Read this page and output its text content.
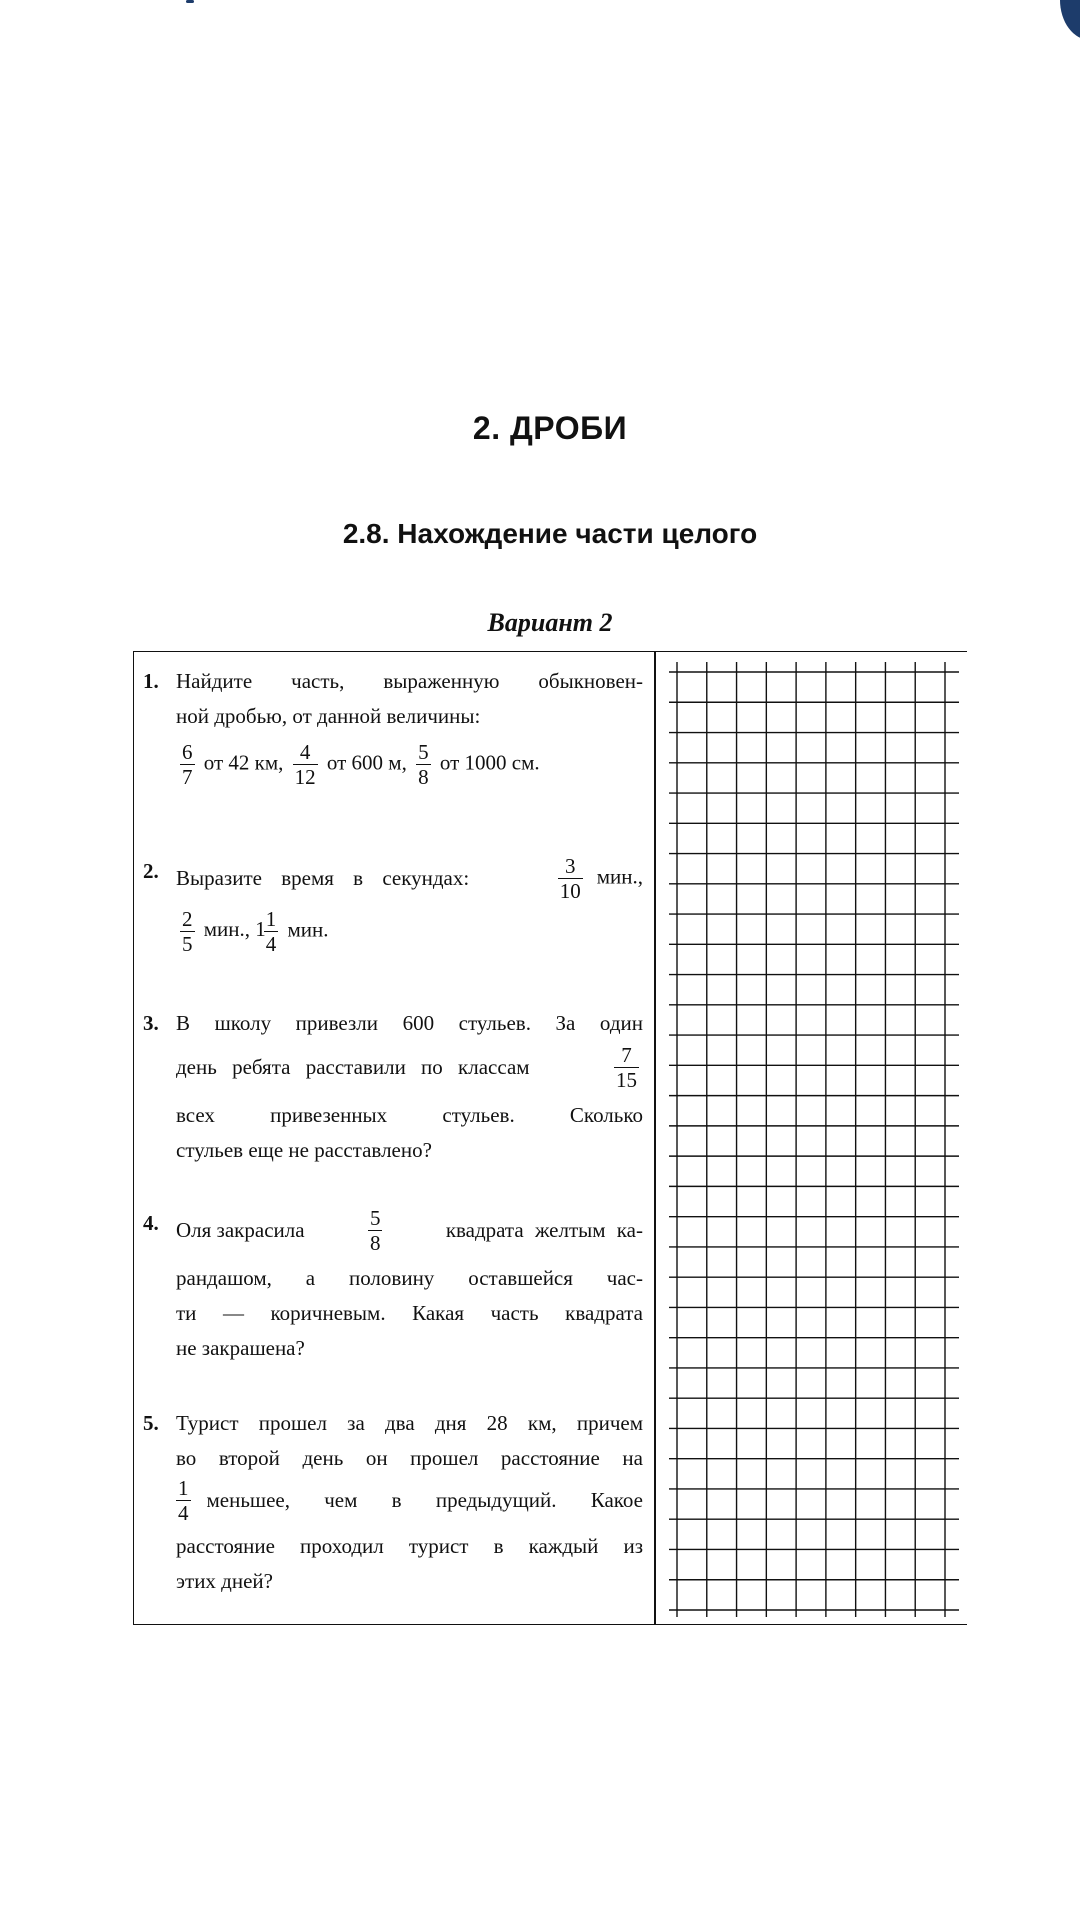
2. ДРОБИ
2.8. Нахождение части целого
Вариант 2
1. Найдите часть, выраженную обыкновен-

ной дробью, от данной величины:

$\frac{6}{7}$ от 42 км, $\frac{4}{12}$ от 600 м, $\frac{5}{8}$ от 1000 см.

2. Выразите время в секундах:	$\frac{3}{10}$ мин.,

$\frac{2}{5}$ мин., 1
$\frac{1}{4}$ мин.

3. В школу привезли 600 стульев. За один

день ребята расставили по классам	$\frac{7}{15}$

всех привезенных стульев. Сколько

стульев еще не расставлено?

4. Оля закрасила	$\frac{5}{8}$	квадрата желтым ка-

рандашом, а половину оставшейся час-

ти — коричневым. Какая часть квадрата

не закрашена?

5. Турист прошел за два дня 28 км, причем

во второй день он прошел расстояние на

$\frac{1}{4}$ меньшее, чем в предыдущий. Какое

расстояние проходил турист в каждый из

этих дней?
